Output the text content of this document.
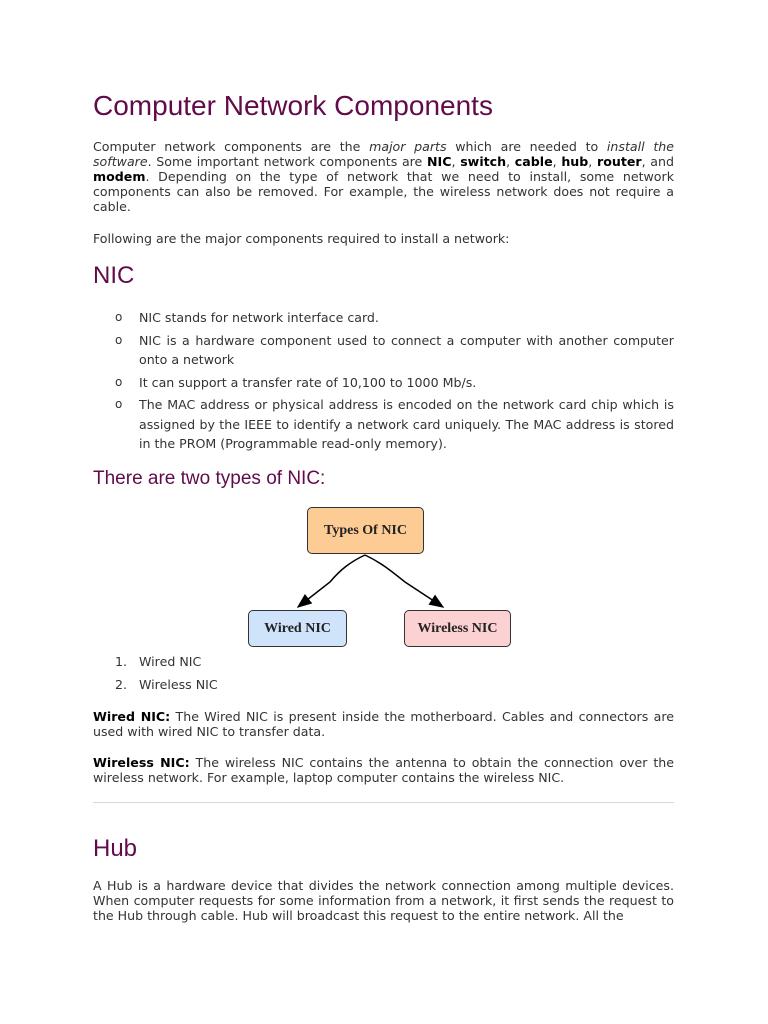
Computer Network Components

Computer network components are the major parts which are needed to install the software. Some important network components are NIC, switch, cable, hub, router, and modem. Depending on the type of network that we need to install, some network components can also be removed. For example, the wireless network does not require a cable.

Following are the major components required to install a network:

NIC
o NIC stands for network interface card.
o NIC is a hardware component used to connect a computer with another computer onto a network
o It can support a transfer rate of 10,100 to 1000 Mb/s.
o The MAC address or physical address is encoded on the network card chip which is assigned by the IEEE to identify a network card uniquely. The MAC address is stored in the PROM (Programmable read-only memory).
There are two types of NIC:
Types Of NIC
Wired NIC	Wireless NIC
1. Wired NIC
2. Wireless NIC

Wired NIC: The Wired NIC is present inside the motherboard. Cables and connectors are used with wired NIC to transfer data.

Wireless NIC: The wireless NIC contains the antenna to obtain the connection over the wireless network. For example, laptop computer contains the wireless NIC.

Hub

A Hub is a hardware device that divides the network connection among multiple devices. When computer requests for some information from a network, it first sends the request to the Hub through cable. Hub will broadcast this request to the entire network. All the
